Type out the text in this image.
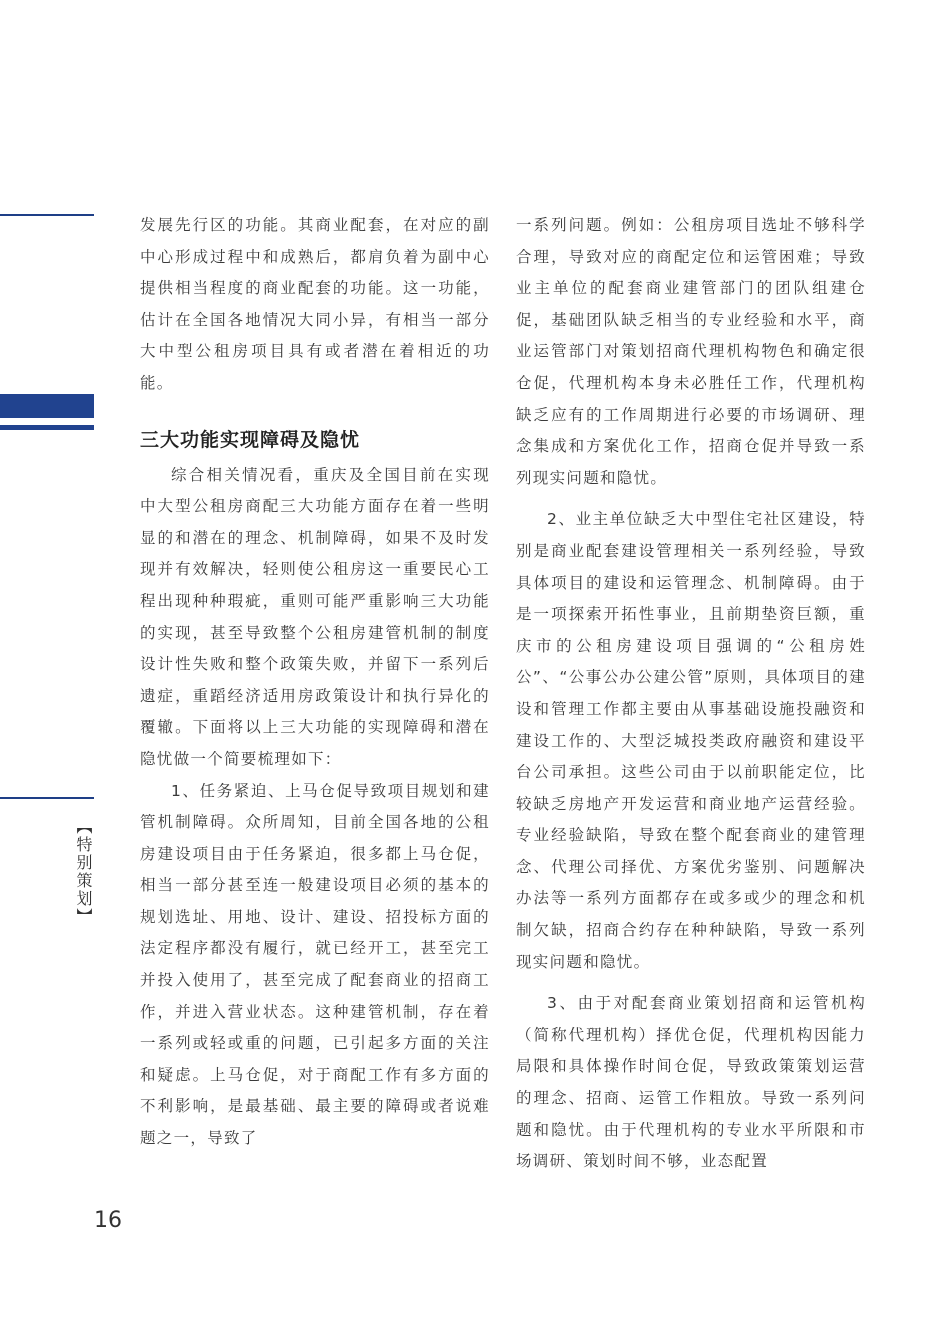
【特别策划】

发展先行区的功能。其商业配套，在对应的副中心形成过程中和成熟后，都肩负着为副中心提供相当程度的商业配套的功能。这一功能，估计在全国各地情况大同小异，有相当一部分大中型公租房项目具有或者潜在着相近的功能。

三大功能实现障碍及隐忧

综合相关情况看，重庆及全国目前在实现中大型公租房商配三大功能方面存在着一些明显的和潜在的理念、机制障碍，如果不及时发现并有效解决，轻则使公租房这一重要民心工程出现种种瑕疵，重则可能严重影响三大功能的实现，甚至导致整个公租房建管机制的制度设计性失败和整个政策失败，并留下一系列后遗症，重蹈经济适用房政策设计和执行异化的覆辙。下面将以上三大功能的实现障碍和潜在隐忧做一个简要梳理如下：

1、任务紧迫、上马仓促导致项目规划和建管机制障碍。众所周知，目前全国各地的公租房建设项目由于任务紧迫，很多都上马仓促，相当一部分甚至连一般建设项目必须的基本的规划选址、用地、设计、建设、招投标方面的法定程序都没有履行，就已经开工，甚至完工并投入使用了，甚至完成了配套商业的招商工作，并进入营业状态。这种建管机制，存在着一系列或轻或重的问题，已引起多方面的关注和疑虑。上马仓促，对于商配工作有多方面的不利影响，是最基础、最主要的障碍或者说难题之一，导致了

一系列问题。例如：公租房项目选址不够科学合理，导致对应的商配定位和运管困难；导致业主单位的配套商业建管部门的团队组建仓促，基础团队缺乏相当的专业经验和水平，商业运管部门对策划招商代理机构物色和确定很仓促，代理机构本身未必胜任工作，代理机构缺乏应有的工作周期进行必要的市场调研、理念集成和方案优化工作，招商仓促并导致一系列现实问题和隐忧。

2、业主单位缺乏大中型住宅社区建设，特别是商业配套建设管理相关一系列经验，导致具体项目的建设和运管理念、机制障碍。由于是一项探索开拓性事业，且前期垫资巨额，重庆市的公租房建设项目强调的“公租房姓公”、“公事公办公建公管”原则，具体项目的建设和管理工作都主要由从事基础设施投融资和建设工作的、大型泛城投类政府融资和建设平台公司承担。这些公司由于以前职能定位，比较缺乏房地产开发运营和商业地产运营经验。专业经验缺陷，导致在整个配套商业的建管理念、代理公司择优、方案优劣鉴别、问题解决办法等一系列方面都存在或多或少的理念和机制欠缺，招商合约存在种种缺陷，导致一系列现实问题和隐忧。

3、由于对配套商业策划招商和运管机构（简称代理机构）择优仓促，代理机构因能力局限和具体操作时间仓促，导致政策策划运营的理念、招商、运管工作粗放。导致一系列问题和隐忧。由于代理机构的专业水平所限和市场调研、策划时间不够，业态配置

16
